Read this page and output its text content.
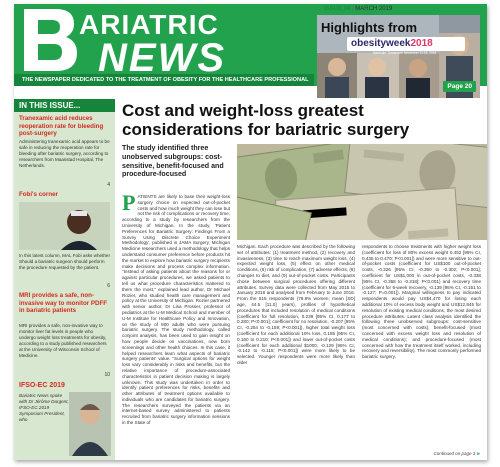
ARIATRIC
NEWS
THE NEWSPAPER DEDICATED TO THE TREATMENT OF OBESITY FOR THE HEALTHCARE PROFESSIONAL
ISSUE 39 | MARCH 2019
Highlights from
obesityweek2018
Nashville, Tennessee November 11-15, 2018
Page 20
IN THIS ISSUE...
Tranexamic acid reduces reoperation rate for bleeding post-surgery
Administering tranexamic acid appears to be safe in reducing the reoperation rate for bleeding after bariatric surgery, according to researchers from Maasstad Hospital, The Netherlands.
4
Fobi's corner
In this latest column, MAL Fobi asks whether Should a bariatric surgeon should perform the procedure requested by the patient.
6
MRI provides a safe, non-invasive way to monitor PDFF in bariatric patients
MRI provides a safe, non-invasive way to monitor liver fat levels in people who undergo weight loss treatments for obesity, according to a study published researchers at the University of Wisconsin School of Medicine.
10
IFSO-EC 2019
Bariatric News spoke with Dr Jérôme Dargent, IFSO-EC 2019 Symposium President, who
Cost and weight-loss greatest considerations for bariatric surgery
The study identified three unobserved subgroups: cost-sensitive, benefit-focused and procedure-focused
PATIENTS are likely to base their weight-loss surgery choice on expected out-of-pocket costs and how much weight they can lose but not the risk of complications or recovery time, according to a study by researchers from the University of Michigan. In the study, 'Patient Preferences for Bariatric Surgery: Findings From a Survey Using Discrete Choice Experiment Methodology', published in JAMA Surgery, Michigan Medicine researchers used a methodology that helps understand consumer preference before products hit the market to explore how bariatric surgery recipients make decisions and process complex information. "Instead of asking patients about the reasons for or against particular procedures, we asked patients to tell us what procedure characteristics mattered to them the most," explained lead author, Dr Michael Rozier, who studied health care management and policy at the University of Michigan. Rozier partnered with senior author, Dr Lisa Prosser, professor of pediatrics at the U-M Medical School and member of U-M Institute for Healthcare Policy and Innovation, on the study of 800 adults who were pursuing bariatric surgery. The study methodology, called conjoint analysis, has been used to gain insight on how people decide on vaccinations, new born screenings and other health choices. In this case, it helped researchers learn what aspects of bariatric surgery patients' value. "Surgical options for weight loss vary considerably in risks and benefits, but the relative importance of procedure-associated characteristics in patient decision making is largely unknown. This study was undertaken in order to identify patient preferences for risks, benefits and other attributes of treatment options available to individuals who are candidates for bariatric surgery. The researchers surveyed the patients via an internet-based survey administered to patients recruited from bariatric surgery information sessions in the State of
Michigan. Each procedure was described by the following set of attributes: (1) treatment method, (2) recovery and invasiveness, (3) time to reach maximum weight loss, (4) expected weight loss, (5) effect on other medical conditions, (6) risk of complication, (7) adverse effects, (8) changes to diet, and (9) out-of-pocket costs. Participants chose between surgical procedures offering different attributes. Survey data were collected from May 2015 to January 2016 and analysed from February to June 2016. From the 815 respondents (79.9% women; mean [SD] age, 44.5 [11.0] years), profiles of hypothetical procedures that included resolution of medical conditions (coefficient for full resolution, 0.239 [95% CI, 0.177 to 0.280; P<0.001]; coefficient for no resolution, -0.207 [95% CI, -0.254 to -0.159; P<0.001]), higher total weight loss (coefficient for each additional 10% loss, 0.185 [95% CI, 0.160 to 0.210; P<0.001]) and lower out-of-pocket costs (coefficient for each additional $1000, -0.129 [95% CI, -0.142 to -0.115; P<0.001]) were more likely to be selected. Younger respondents were more likely than older
respondents to choose treatments with higher weight loss (coefficient for loss of 80% excess weight 0.452 [95% CI, 0.435 to 0.470; P<0.001]) and were more sensitive to out-of-pocket costs (coefficient for US$100 out-of-pocket costs, -0.326 [95% CI, -0.350 to -0.302; P<0.001]; coefficient for US$1,000 in out-of-pocket costs, -0.338 [95% CI, -0.358 to -0.318]; P<0.001) and recovery time (coefficient for 6-week recovery, -0.139 [95% CI, -0.151 to -0.127; P=0.001]). Marginal willingness to pay indicated respondents would pay US$4,470 for losing each additional 10% of excess body weight and US$12,845 for resolution of existing medical conditions, the most desired procedure attributes. Latent class analysis identified the following three unobserved subgroups: cost-sensitive (most concerned with costs); benefit-focused (most concerned with excess weight loss and resolution of medical conditions); and procedure-focused (most concerned with how the treatment itself worked, including recovery and reversibility). The most commonly performed bariatric surgery,
Continued on page 3 ►
